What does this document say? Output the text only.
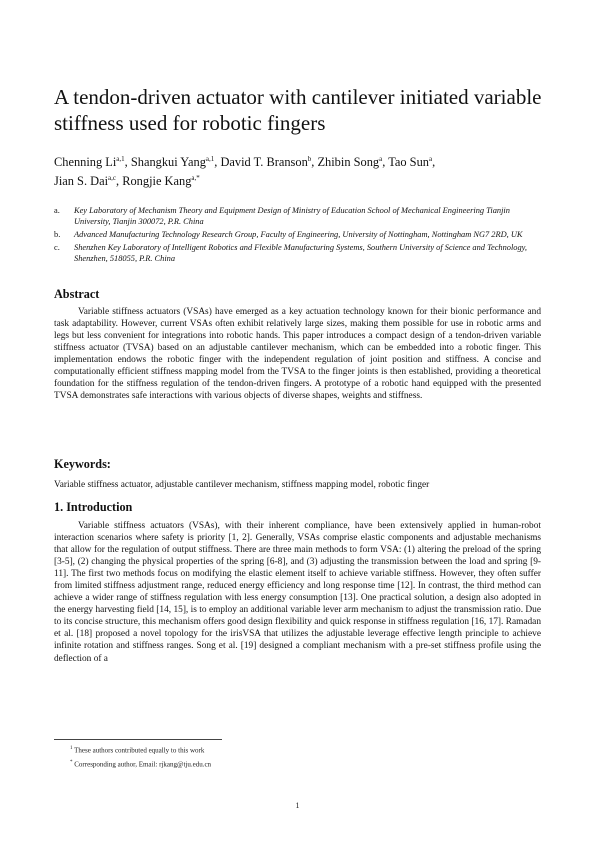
A tendon-driven actuator with cantilever initiated variable stiffness used for robotic fingers
Chenning Li$^{a,1}$, Shangkui Yang$^{a,1}$, David T. Branson$^b$, Zhibin Song$^a$, Tao Sun$^a$,
Jian S. Dai$^{a,c}$, Rongjie Kang$^{a,*}$
a. Key Laboratory of Mechanism Theory and Equipment Design of Ministry of Education School of Mechanical Engineering Tianjin University, Tianjin 300072, P.R. China
b. Advanced Manufacturing Technology Research Group, Faculty of Engineering, University of Nottingham, Nottingham NG7 2RD, UK
c. Shenzhen Key Laboratory of Intelligent Robotics and Flexible Manufacturing Systems, Southern University of Science and Technology, Shenzhen, 518055, P.R. China
Abstract
Variable stiffness actuators (VSAs) have emerged as a key actuation technology known for their bionic performance and task adaptability. However, current VSAs often exhibit relatively large sizes, making them possible for use in robotic arms and legs but less convenient for integrations into robotic hands. This paper introduces a compact design of a tendon-driven variable stiffness actuator (TVSA) based on an adjustable cantilever mechanism, which can be embedded into a robotic finger. This implementation endows the robotic finger with the independent regulation of joint position and stiffness. A concise and computationally efficient stiffness mapping model from the TVSA to the finger joints is then established, providing a theoretical foundation for the stiffness regulation of the tendon-driven fingers. A prototype of a robotic hand equipped with the presented TVSA demonstrates safe interactions with various objects of diverse shapes, weights and stiffness.
Keywords:
Variable stiffness actuator, adjustable cantilever mechanism, stiffness mapping model, robotic finger
1. Introduction
Variable stiffness actuators (VSAs), with their inherent compliance, have been extensively applied in human-robot interaction scenarios where safety is priority [1, 2]. Generally, VSAs comprise elastic components and adjustable mechanisms that allow for the regulation of output stiffness. There are three main methods to form VSA: (1) altering the preload of the spring [3-5], (2) changing the physical properties of the spring [6-8], and (3) adjusting the transmission between the load and spring [9-11]. The first two methods focus on modifying the elastic element itself to achieve variable stiffness. However, they often suffer from limited stiffness adjustment range, reduced energy efficiency and long response time [12]. In contrast, the third method can achieve a wider range of stiffness regulation with less energy consumption [13]. One practical solution, a design also adopted in the energy harvesting field [14, 15], is to employ an additional variable lever arm mechanism to adjust the transmission ratio. Due to its concise structure, this mechanism offers good design flexibility and quick response in stiffness regulation [16, 17]. Ramadan et al. [18] proposed a novel topology for the irisVSA that utilizes the adjustable leverage effective length principle to achieve infinite rotation and stiffness ranges. Song et al. [19] designed a compliant mechanism with a pre-set stiffness profile using the deflection of a
$^1$ These authors contributed equally to this work
* Corresponding author, Email: rjkang@tju.edu.cn
1
